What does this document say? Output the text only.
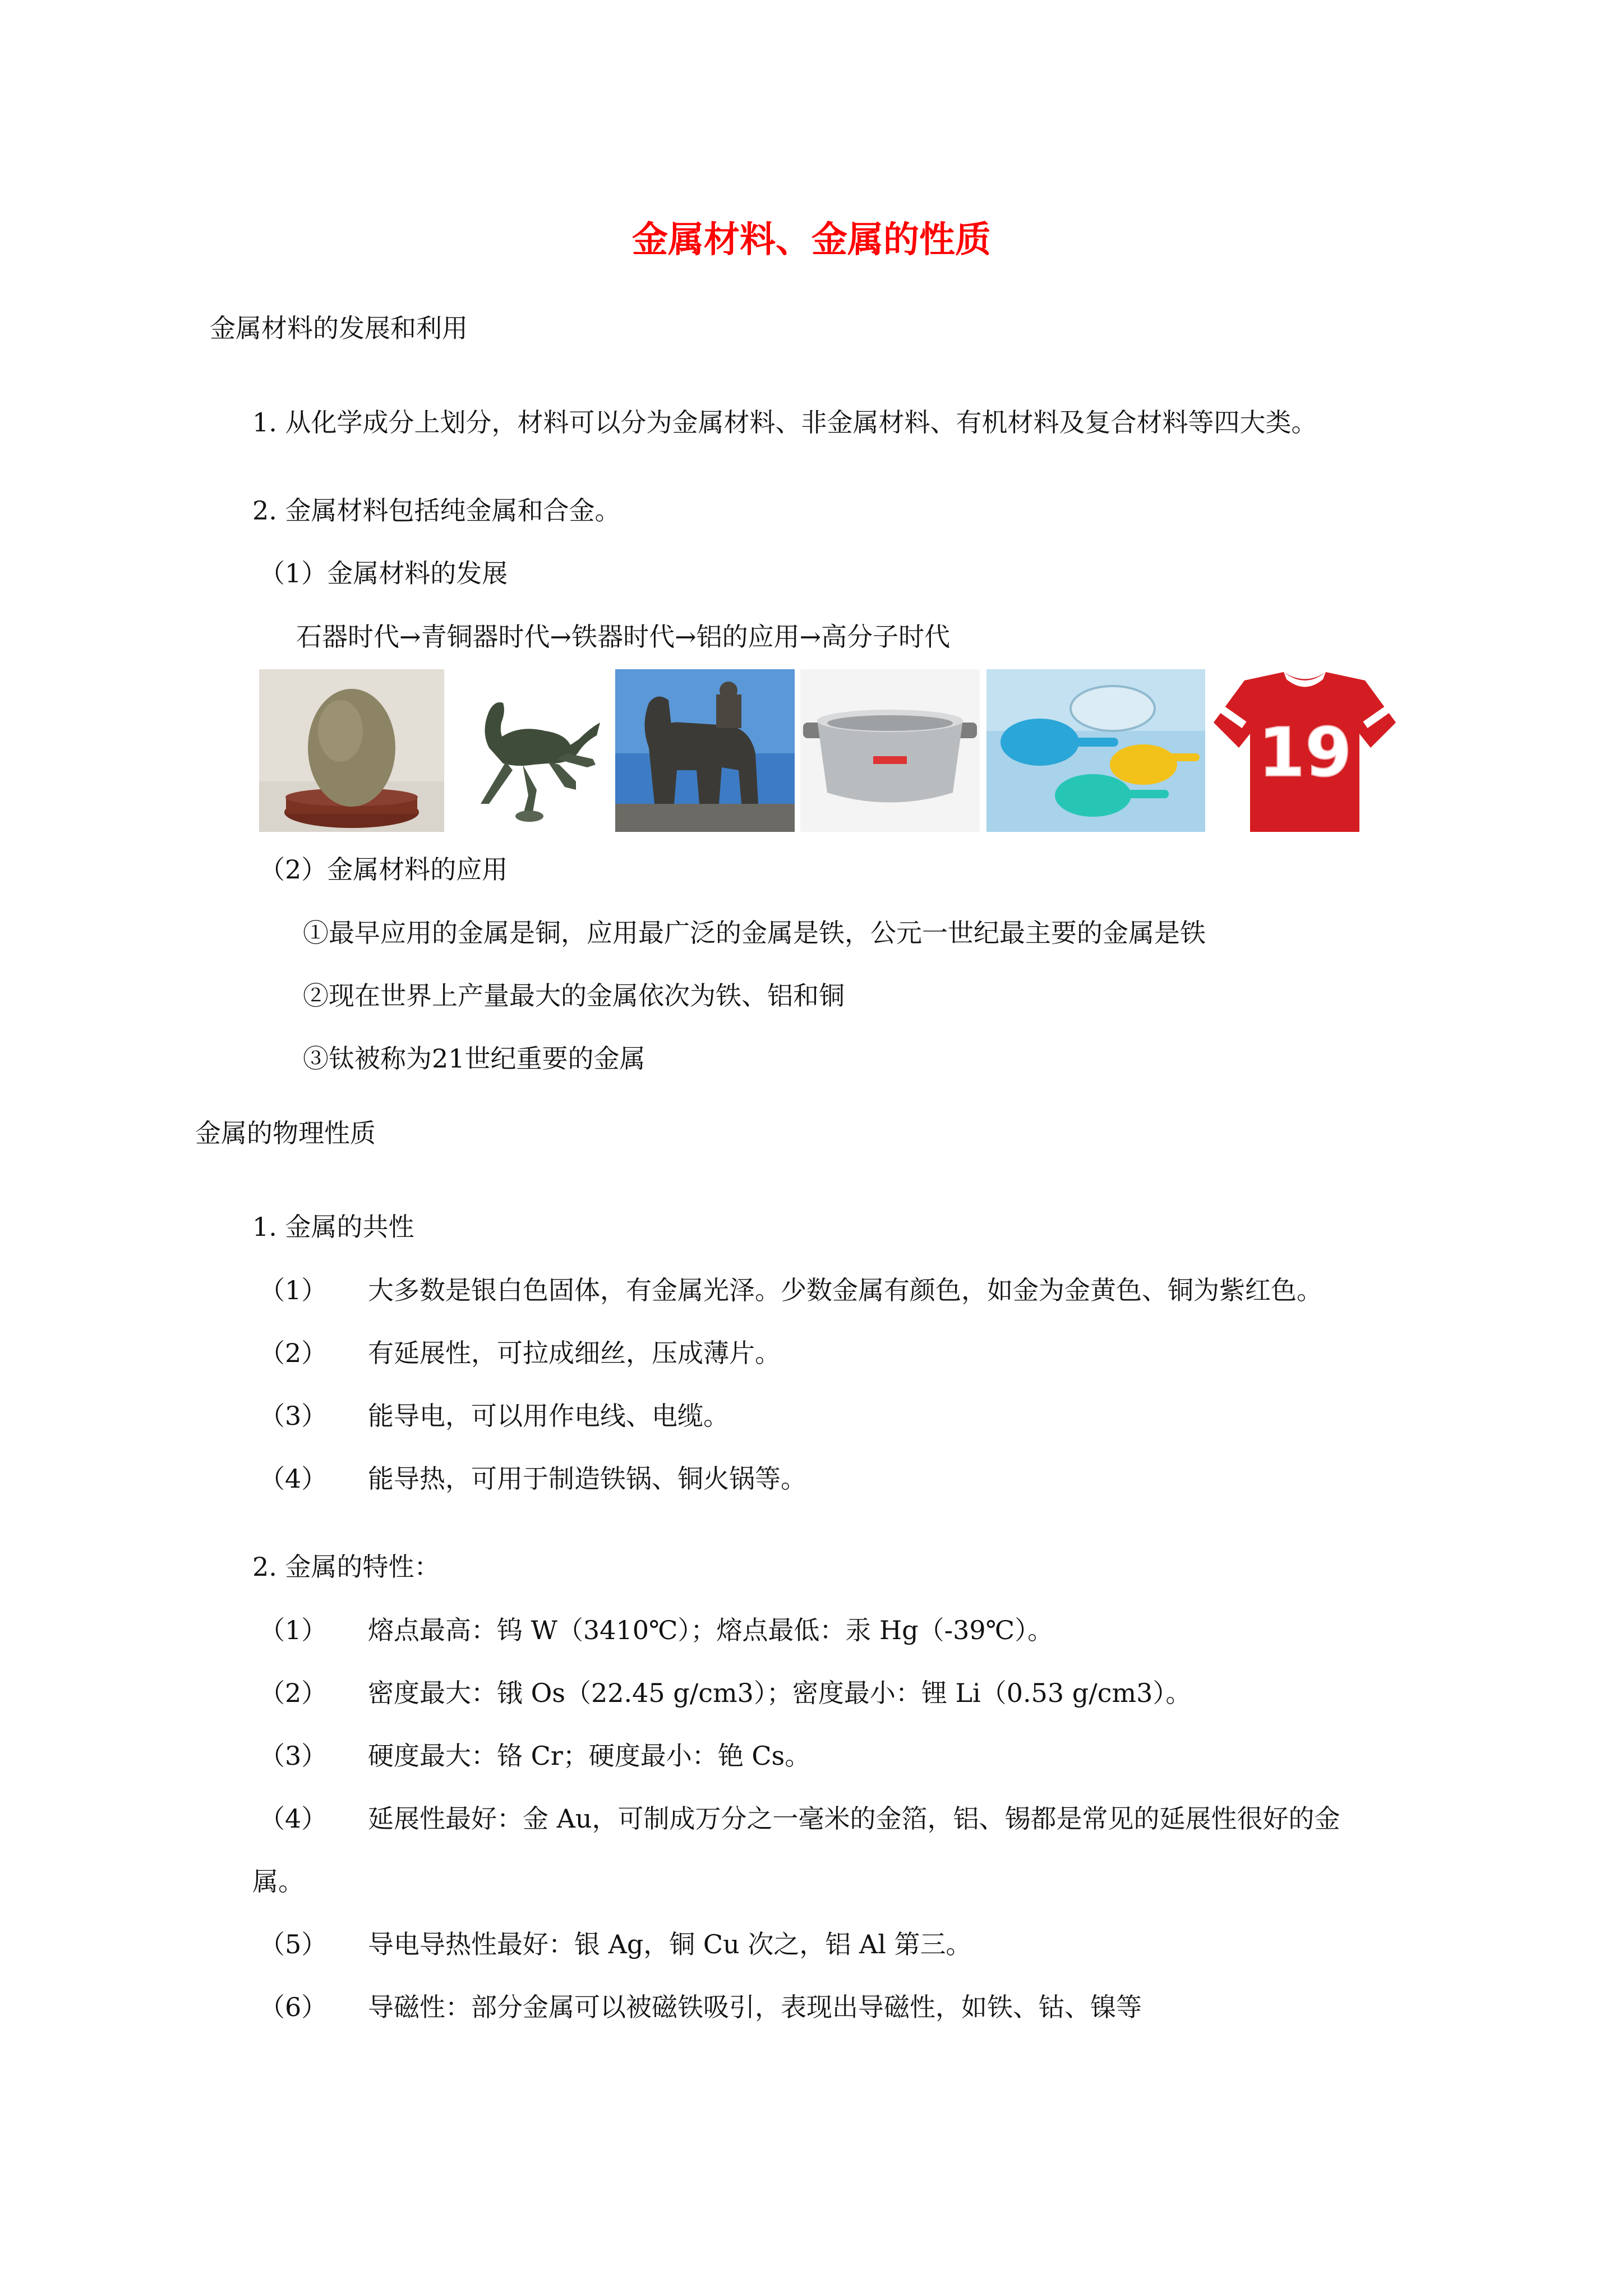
金属材料、金属的性质

金属材料的发展和利用

1. 从化学成分上划分，材料可以分为金属材料、非金属材料、有机材料及复合材料等四大类。

2. 金属材料包括纯金属和合金。

（1）金属材料的发展

石器时代→青铜器时代→铁器时代→铝的应用→高分子时代

19

（2）金属材料的应用

①最早应用的金属是铜，应用最广泛的金属是铁，公元一世纪最主要的金属是铁

②现在世界上产量最大的金属依次为铁、铝和铜

③钛被称为21世纪重要的金属

金属的物理性质

1. 金属的共性

（1） 大多数是银白色固体，有金属光泽。少数金属有颜色，如金为金黄色、铜为紫红色。
（2） 有延展性，可拉成细丝，压成薄片。
（3） 能导电，可以用作电线、电缆。
（4） 能导热，可用于制造铁锅、铜火锅等。

2. 金属的特性：

（1） 熔点最高：钨 W（3410℃）；熔点最低：汞 Hg（-39℃）。
（2） 密度最大：锇 Os（22.45 g/cm3）；密度最小：锂 Li（0.53 g/cm3）。
（3） 硬度最大：铬 Cr；硬度最小：铯 Cs。
（4） 延展性最好：金 Au，可制成万分之一毫米的金箔，铝、锡都是常见的延展性很好的金
属。
（5） 导电导热性最好：银 Ag，铜 Cu 次之，铝 Al 第三。
（6） 导磁性：部分金属可以被磁铁吸引，表现出导磁性，如铁、钴、镍等
